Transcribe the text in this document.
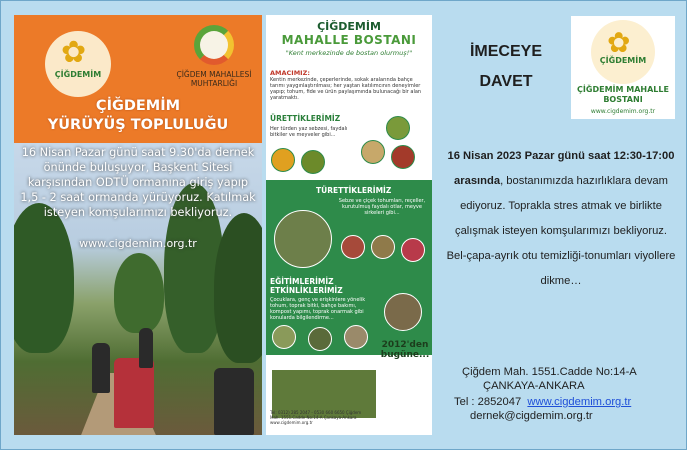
✿
ÇİĞDEMİM	ÇİĞDEM MAHALLESİ MUHTARLIĞI
ÇİĞDEMİM
YÜRÜYÜŞ TOPLULUĞU
16 Nisan Pazar günü saat 9.30'da dernek önünde buluşuyor, Başkent Sitesi karşısından ODTÜ ormanına giriş yapıp 1,5 - 2 saat ormanda yürüyoruz. Katılmak isteyen komşularımızı bekliyoruz.
www.cigdemim.org.tr
ÇİĞDEMİM
MAHALLE BOSTANI
"Kent merkezinde de bostan olurmuş!"
AMACIMIZ:
Kentin merkezinde, çeperlerinde, sokak aralarında bahçe tarımı yaygınlaştırılması; her yaştan katılımcının deneyimler yapıp; tohum, fide ve ürün paylaşımında bulunacağı bir alan yaratmaktı.
ÜRETTİKLERİMİZ
Her türden yaz sebzesi, faydalı bitkiler ve meyveler gibi...
TÜRETTİKLERİMİZ
Sebze ve çiçek tohumları, reçeller, kurutulmuş faydalı otlar, meyve sirkeleri gibi...
EĞİTİMLERİMİZ
ETKİNLİKLERİMİZ
Çocuklara, genç ve erişkinlere yönelik tohum, toprak bitki, bahçe bakımı, kompost yapımı, toprak onarmak gibi konularda bilgilendirme...
2012'den bugüne...
Tel: 0312) 285 2047 - 0530 660 6650 Çiğdem Mah. 1551.Cadde No:14-A Çankaya-Ankara www.cigdemim.org.tr
İMECEYE
DAVET
✿
ÇİĞDEMİM
ÇİĞDEMİM MAHALLE
BOSTANI
www.cigdemim.org.tr
16 Nisan 2023 Pazar günü saat 12:30-17:00 arasında, bostanımızda hazırlıklara devam ediyoruz. Toprakla stres atmak ve birlikte çalışmak isteyen komşularımızı bekliyoruz.
Bel-çapa-ayrık otu temizliği-tonumları viyollere dikme…
Çiğdem Mah. 1551.Cadde No:14-A
ÇANKAYA-ANKARA
Tel : 2852047 www.cigdemim.org.tr
dernek@cigdemim.org.tr
